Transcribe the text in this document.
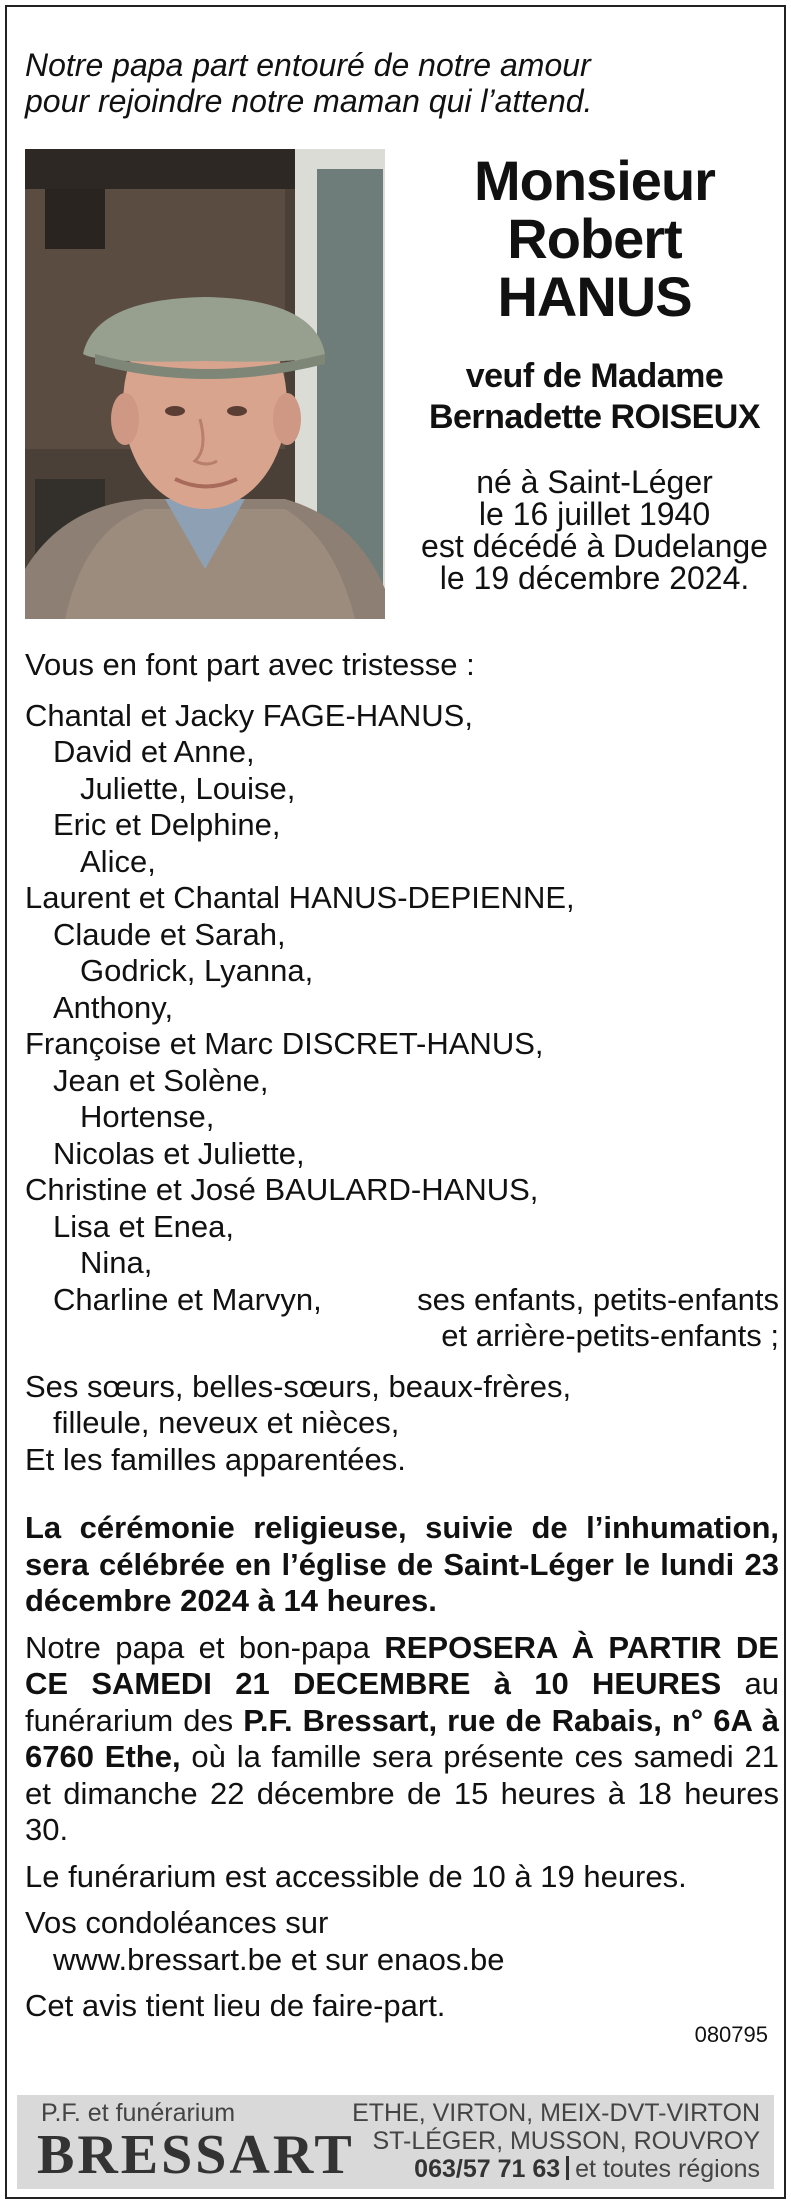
Notre papa part entouré de notre amour
pour rejoindre notre maman qui l’attend.
Monsieur
Robert
HANUS
veuf de Madame
Bernadette ROISEUX
né à Saint-Léger
le 16 juillet 1940
est décédé à Dudelange
le 19 décembre 2024.
Vous en font part avec tristesse :
Chantal et Jacky FAGE-HANUS,
David et Anne,
Juliette, Louise,
Eric et Delphine,
Alice,
Laurent et Chantal HANUS-DEPIENNE,
Claude et Sarah,
Godrick, Lyanna,
Anthony,
Françoise et Marc DISCRET-HANUS,
Jean et Solène,
Hortense,
Nicolas et Juliette,
Christine et José BAULARD-HANUS,
Lisa et Enea,
Nina,
Charline et Marvyn,	ses enfants, petits-enfants
et arrière-petits-enfants ;
Ses sœurs, belles-sœurs, beaux-frères,
filleule, neveux et nièces,
Et les familles apparentées.

La cérémonie religieuse, suivie de l’inhumation, sera célébrée en l’église de Saint-Léger le lundi 23 décembre 2024 à 14 heures.

Notre papa et bon-papa REPOSERA À PARTIR DE CE SAMEDI 21 DECEMBRE à 10 HEURES au funérarium des P.F. Bressart, rue de Rabais, n° 6A à 6760 Ethe, où la famille sera présente ces samedi 21 et dimanche 22 décembre de 15 heures à 18 heures 30.

Le funérarium est accessible de 10 à 19 heures.

Vos condoléances sur
www.bressart.be et sur enaos.be

Cet avis tient lieu de faire-part.

080795
P.F. et funérarium
BRESSART
ETHE, VIRTON, MEIX-DVT-VIRTON
ST-LÉGER, MUSSON, ROUVROY
063/57 71 63 et toutes régions
